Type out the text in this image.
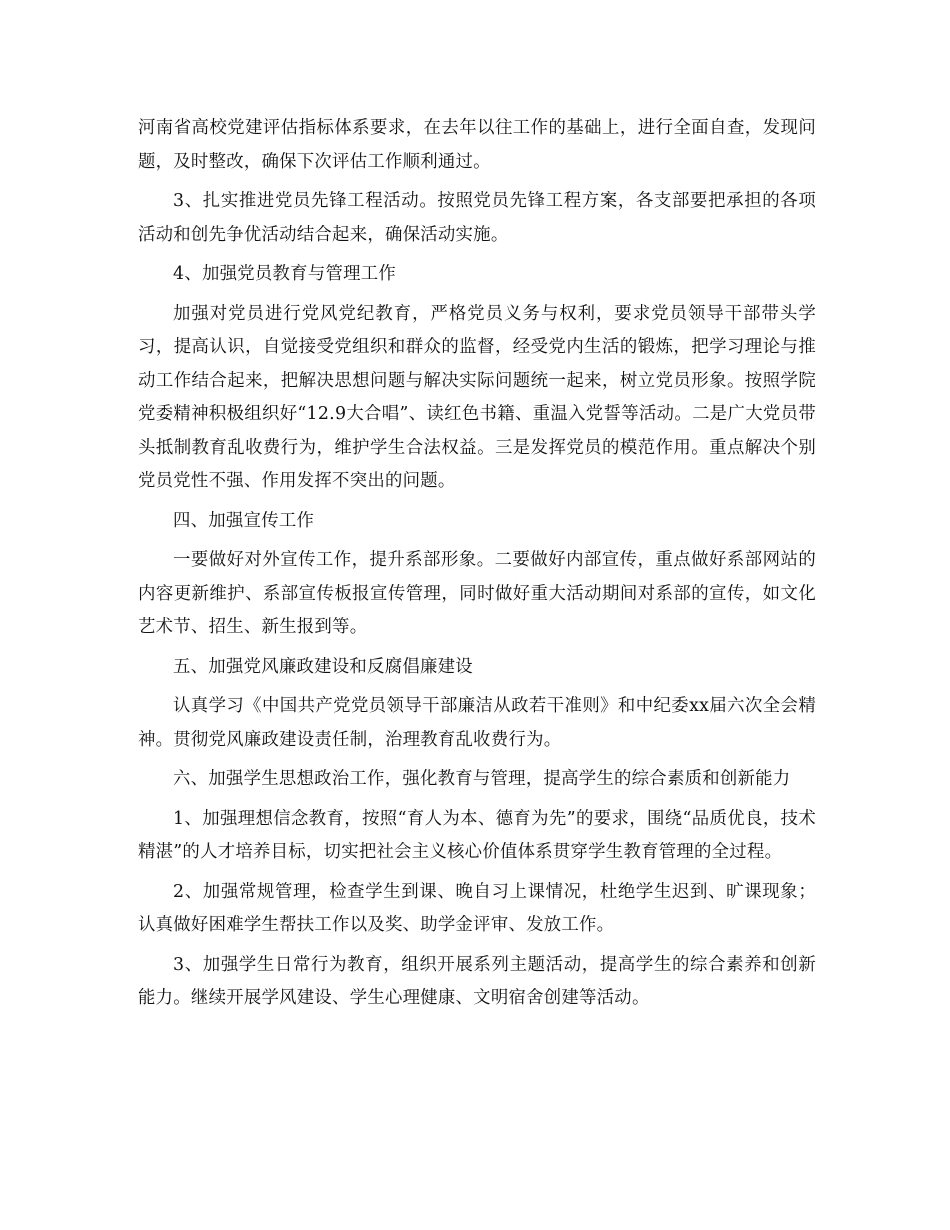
河南省高校党建评估指标体系要求，在去年以往工作的基础上，进行全面自查，发现问题，及时整改，确保下次评估工作顺利通过。

3、扎实推进党员先锋工程活动。按照党员先锋工程方案，各支部要把承担的各项活动和创先争优活动结合起来，确保活动实施。

4、加强党员教育与管理工作

加强对党员进行党风党纪教育，严格党员义务与权利，要求党员领导干部带头学习，提高认识，自觉接受党组织和群众的监督，经受党内生活的锻炼，把学习理论与推动工作结合起来，把解决思想问题与解决实际问题统一起来，树立党员形象。按照学院党委精神积极组织好“12.9大合唱”、读红色书籍、重温入党誓等活动。二是广大党员带头抵制教育乱收费行为，维护学生合法权益。三是发挥党员的模范作用。重点解决个别党员党性不强、作用发挥不突出的问题。

四、加强宣传工作

一要做好对外宣传工作，提升系部形象。二要做好内部宣传，重点做好系部网站的内容更新维护、系部宣传板报宣传管理，同时做好重大活动期间对系部的宣传，如文化艺术节、招生、新生报到等。

五、加强党风廉政建设和反腐倡廉建设

认真学习《中国共产党党员领导干部廉洁从政若干准则》和中纪委xx届六次全会精神。贯彻党风廉政建设责任制，治理教育乱收费行为。

六、加强学生思想政治工作，强化教育与管理，提高学生的综合素质和创新能力

1、加强理想信念教育，按照“育人为本、德育为先”的要求，围绕“品质优良，技术精湛”的人才培养目标，切实把社会主义核心价值体系贯穿学生教育管理的全过程。

2、加强常规管理，检查学生到课、晚自习上课情况，杜绝学生迟到、旷课现象；认真做好困难学生帮扶工作以及奖、助学金评审、发放工作。

3、加强学生日常行为教育，组织开展系列主题活动，提高学生的综合素养和创新能力。继续开展学风建设、学生心理健康、文明宿舍创建等活动。
